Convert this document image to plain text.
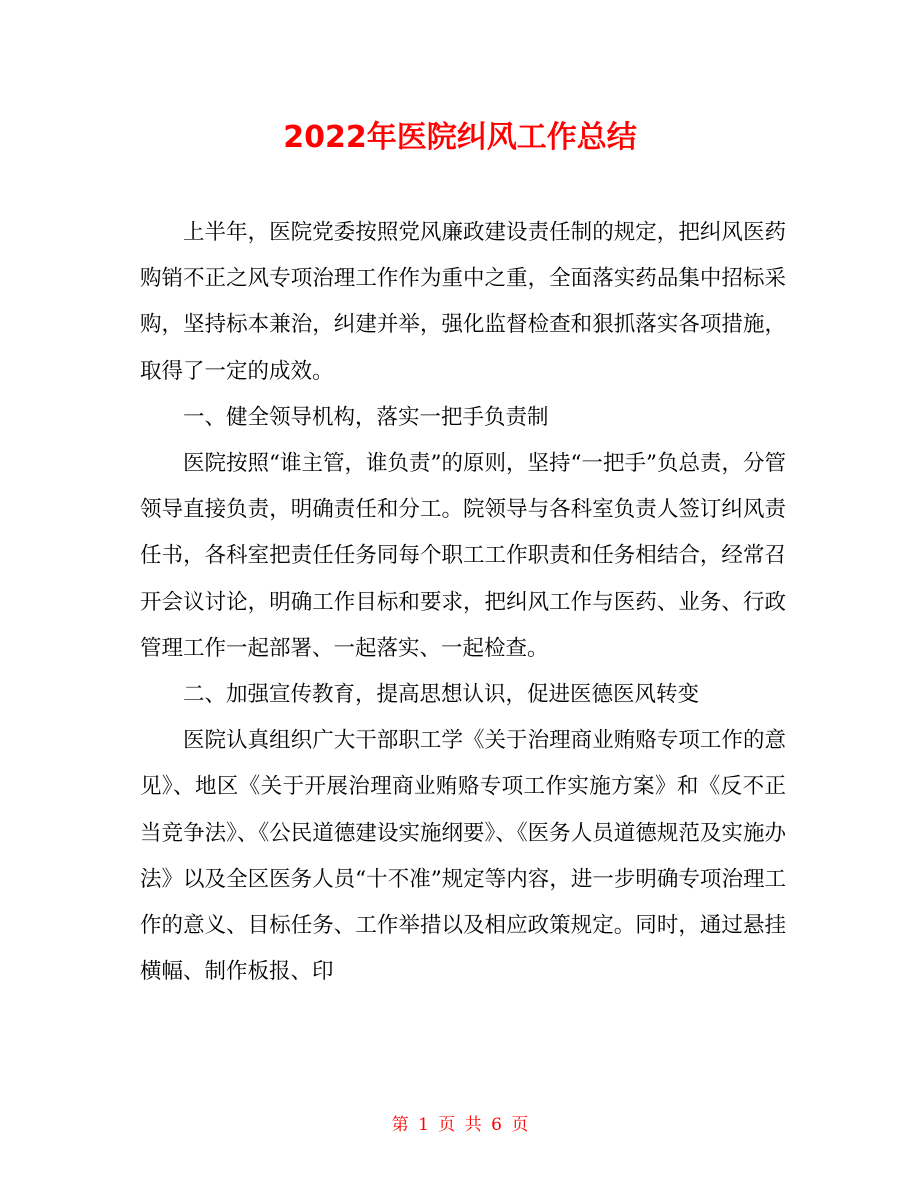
2022年医院纠风工作总结

上半年，医院党委按照党风廉政建设责任制的规定，把纠风医药购销不正之风专项治理工作作为重中之重，全面落实药品集中招标采购，坚持标本兼治，纠建并举，强化监督检查和狠抓落实各项措施，取得了一定的成效。

一、健全领导机构，落实一把手负责制

医院按照“谁主管，谁负责”的原则，坚持“一把手”负总责，分管领导直接负责，明确责任和分工。院领导与各科室负责人签订纠风责任书，各科室把责任任务同每个职工工作职责和任务相结合，经常召开会议讨论，明确工作目标和要求，把纠风工作与医药、业务、行政管理工作一起部署、一起落实、一起检查。

二、加强宣传教育，提高思想认识，促进医德医风转变

医院认真组织广大干部职工学《关于治理商业贿赂专项工作的意见》、地区《关于开展治理商业贿赂专项工作实施方案》和《反不正当竞争法》、《公民道德建设实施纲要》、《医务人员道德规范及实施办法》以及全区医务人员“十不准”规定等内容，进一步明确专项治理工作的意义、目标任务、工作举措以及相应政策规定。同时，通过悬挂横幅、制作板报、印

第 1 页 共 6 页
